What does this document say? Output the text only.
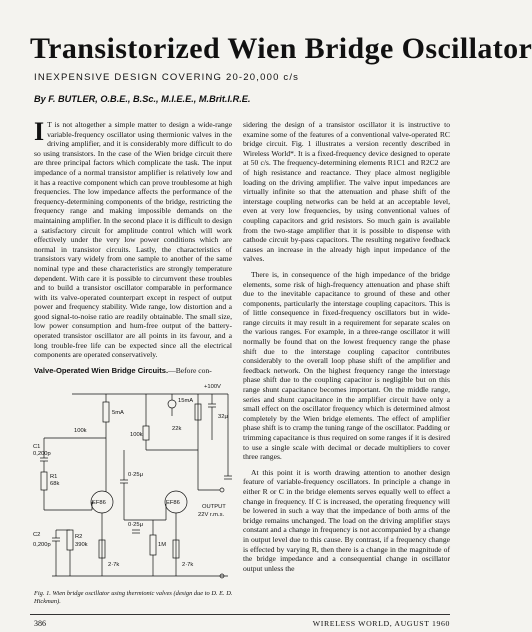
Transistorized Wien Bridge Oscillator
INEXPENSIVE DESIGN COVERING 20-20,000 c/s
By F. BUTLER, O.B.E., B.Sc., M.I.E.E., M.Brit.I.R.E.

I T is not altogether a simple matter to design a wide-range variable-frequency oscillator using thermionic valves in the driving amplifier, and it is considerably more difficult to do so using transistors. In the case of the Wien bridge circuit there are three principal factors which complicate the task. The input impedance of a normal transistor amplifier is relatively low and it has a reactive component which can prove troublesome at high frequencies. The low impedance affects the performance of the frequency-determining components of the bridge, restricting the frequency range and making impossible demands on the maintaining amplifier. In the second place it is difficult to design a satisfactory circuit for amplitude control which will work effectively under the very low power conditions which are normal in transistor circuits. Lastly, the characteristics of transistors vary widely from one sample to another of the same nominal type and these characteristics are strongly temperature dependent. With care it is possible to circumvent these troubles and to build a transistor oscillator comparable in performance with its valve-operated counterpart except in respect of output power and frequency stability. Wide range, low distortion and a good signal-to-noise ratio are readily obtainable. The small size, low power consumption and hum-free output of the battery-operated transistor oscillator are all points in its favour, and a long trouble-free life can be expected since all the electrical components are operated conservatively.

Valve-Operated Wien Bridge Circuits.—Before con-

+100V
5mA
15mA
32μ
100k
100k
22k
0·25μ
C1
0,200p
R1
68k
EF86	EF86
C2
0,200p
R2
390k
0·25μ
1M
2·7k	2·7k
OUTPUT
22V r.m.s.
Fig. 1. Wien bridge oscillator using thermionic valves (design due to D. E. D. Hickman).

sidering the design of a transistor oscillator it is instructive to examine some of the features of a conventional valve-operated RC bridge circuit. Fig. 1 illustrates a version recently described in Wireless World*. It is a fixed-frequency device designed to operate at 50 c/s. The frequency-determining elements R1C1 and R2C2 are of high resistance and reactance. They place almost negligible loading on the driving amplifier. The valve input impedances are virtually infinite so that the attenuation and phase shift of the interstage coupling networks can be held at an acceptable level, even at very low frequencies, by using conventional values of coupling capacitors and grid resistors. So much gain is available from the two-stage amplifier that it is possible to dispense with cathode circuit by-pass capacitors. The resulting negative feedback causes an increase in the already high input impedance of the valves.

There is, in consequence of the high impedance of the bridge elements, some risk of high-frequency attenuation and phase shift due to the inevitable capacitance to ground of these and other components, particularly the interstage coupling capacitors. This is of little consequence in fixed-frequency oscillators but in wide-range circuits it may result in a requirement for separate scales on the various ranges. For example, in a three-range oscillator it will normally be found that on the lowest frequency range the phase shift due to the interstage coupling capacitor contributes considerably to the overall loop phase shift of the amplifier and feedback network. On the highest frequency range the interstage phase shift due to the coupling capacitor is negligible but on this range shunt capacitance becomes important. On the middle range, series and shunt capacitance in the amplifier circuit have only a small effect on the oscillator frequency which is determined almost completely by the Wien bridge elements. The effect of amplifier phase shift is to cramp the tuning range of the oscillator. Padding or trimming capacitance is thus required on some ranges if it is desired to use a single scale with decimal or decade multipliers to cover three ranges.

At this point it is worth drawing attention to another design feature of variable-frequency oscillators. In principle a change in either R or C in the bridge elements serves equally well to effect a change in frequency. If C is increased, the operating frequency will be lowered in such a way that the impedance of both arms of the bridge remains unchanged. The load on the driving amplifier stays constant and a change in frequency is not accompanied by a change in output level due to this cause. By contrast, if a frequency change is effected by varying R, then there is a change in the magnitude of the bridge impedance and a consequential change in oscillator output unless the

386	WIRELESS WORLD, AUGUST 1960
